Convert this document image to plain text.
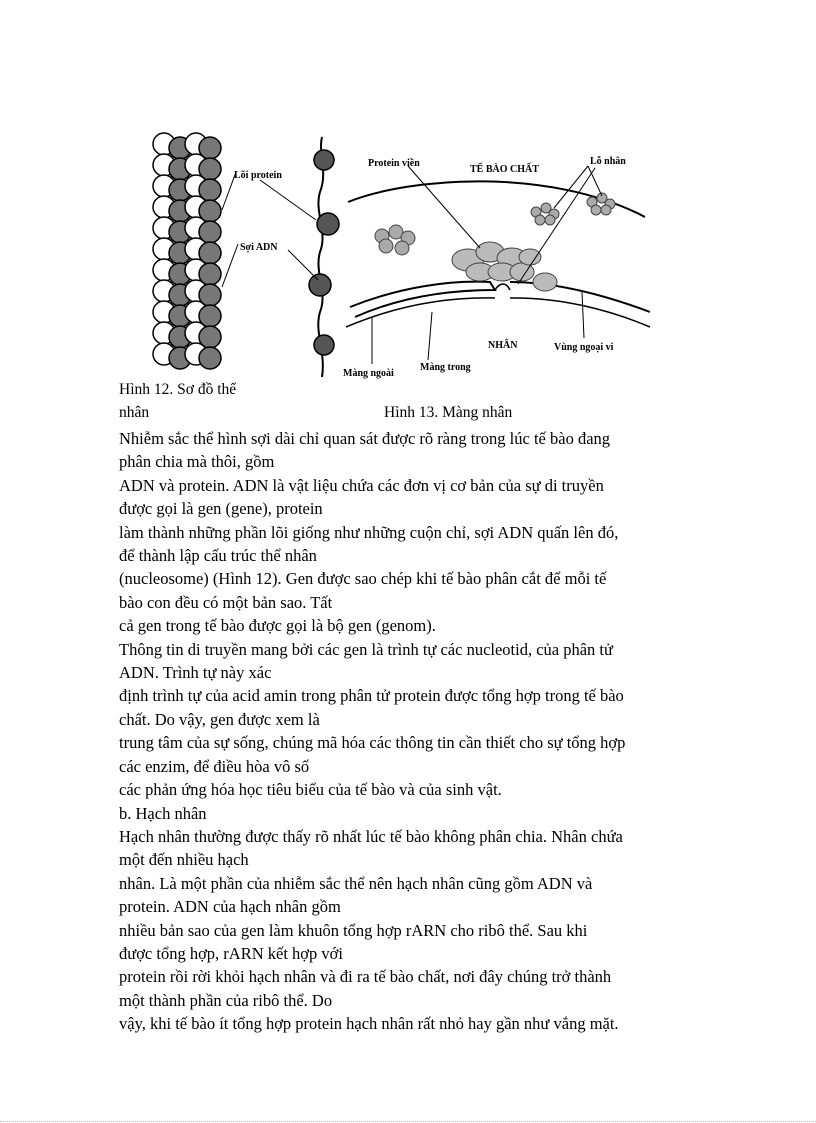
Lõi protein
Sợi ADN
Protein viền
TẾ BÀO CHẤT
Lỗ nhân
NHÂN	Vùng ngoại vi
Màng ngoài
Màng trong
Hình 12. Sơ đồ thể
nhân	Hình 13. Màng nhân

Nhiễm sắc thể hình sợi dài chỉ quan sát được rõ ràng trong lúc tế bào đang

phân chia mà thôi, gồm

ADN và protein. ADN là vật liệu chứa các đơn vị cơ bản của sự di truyền

được gọi là gen (gene), protein

làm thành những phần lõi giống như những cuộn chỉ, sợi ADN quấn lên đó,

để thành lập cấu trúc thể nhân

(nucleosome) (Hình 12). Gen được sao chép khi tế bào phân cắt để mỗi tế

bào con đều có một bản sao. Tất

cả gen trong tế bào được gọi là bộ gen (genom).

Thông tin di truyền mang bởi các gen là trình tự các nucleotid, của phân tử

ADN. Trình tự này xác

định trình tự của acid amin trong phân tử protein được tổng hợp trong tế bào

chất. Do vậy, gen được xem là

trung tâm của sự sống, chúng mã hóa các thông tin cần thiết cho sự tổng hợp

các enzim, để điều hòa vô số

các phản ứng hóa học tiêu biểu của tế bào và của sinh vật.

b. Hạch nhân

Hạch nhân thường được thấy rõ nhất lúc tế bào không phân chia. Nhân chứa

một đến nhiều hạch

nhân. Là một phần của nhiễm sắc thể nên hạch nhân cũng gồm ADN và

protein. ADN của hạch nhân gồm

nhiều bản sao của gen làm khuôn tổng hợp rARN cho ribô thể. Sau khi

được tổng hợp, rARN kết hợp với

protein rồi rời khỏi hạch nhân và đi ra tế bào chất, nơi đây chúng trở thành

một thành phần của ribô thể. Do

vậy, khi tế bào ít tổng hợp protein hạch nhân rất nhỏ hay gần như vắng mặt.
